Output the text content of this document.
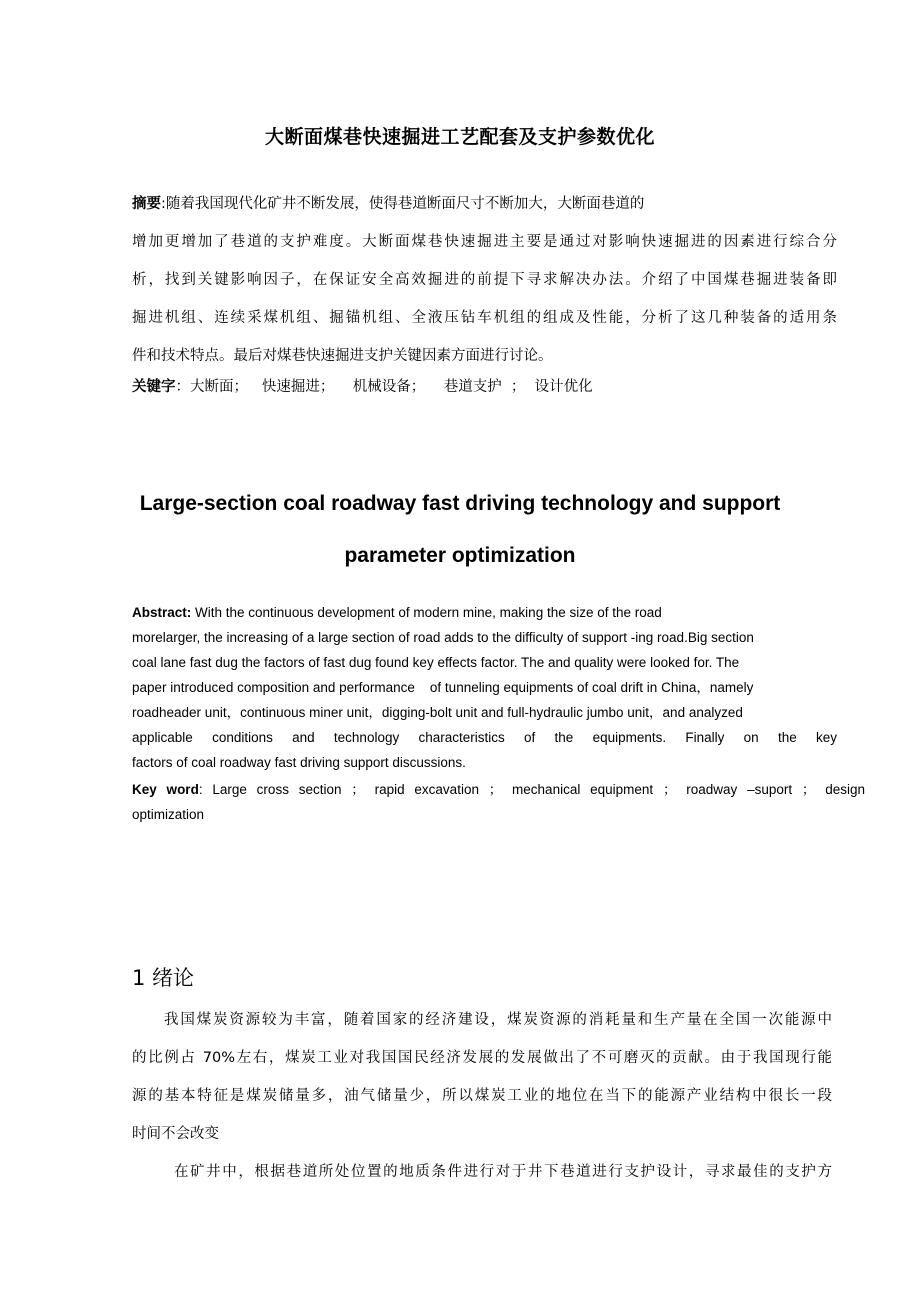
大断面煤巷快速掘进工艺配套及支护参数优化
摘要:随着我国现代化矿井不断发展，使得巷道断面尺寸不断加大，大断面巷道的
增加更增加了巷道的支护难度。大断面煤巷快速掘进主要是通过对影响快速掘进的因素进行综合分
析，找到关键影响因子，在保证安全高效掘进的前提下寻求解决办法。介绍了中国煤巷掘进装备即
掘进机组、连续采煤机组、掘锚机组、全液压钻车机组的组成及性能，分析了这几种装备的适用条
件和技术特点。最后对煤巷快速掘进支护关键因素方面进行讨论。
关键字：大断面；   快速掘进；    机械设备；    巷道支护  ；  设计优化
Large-section coal roadway fast driving technology and support
parameter optimization
Abstract: With the continuous development of modern mine, making the size of the road
morelarger, the increasing of a large section of road adds to the difficulty of support -ing road.Big section
coal lane fast dug the factors of fast dug found key effects factor. The and quality were looked for. The
paper introduced composition and performance    of tunneling equipments of coal drift in China，namely
roadheader unit，continuous miner unit，digging-bolt unit and full-hydraulic jumbo unit，and analyzed
applicable conditions and technology characteristics of the equipments. Finally on the key
factors of coal roadway fast driving support discussions.
Key word: Large cross section ； rapid excavation ； mechanical equipment ； roadway –suport ； design
optimization
1 绪论
我国煤炭资源较为丰富，随着国家的经济建设，煤炭资源的消耗量和生产量在全国一次能源中
的比例占 70%左右，煤炭工业对我国国民经济发展的发展做出了不可磨灭的贡献。由于我国现行能
源的基本特征是煤炭储量多，油气储量少，所以煤炭工业的地位在当下的能源产业结构中很长一段
时间不会改变
在矿井中，根据巷道所处位置的地质条件进行对于井下巷道进行支护设计，寻求最佳的支护方
